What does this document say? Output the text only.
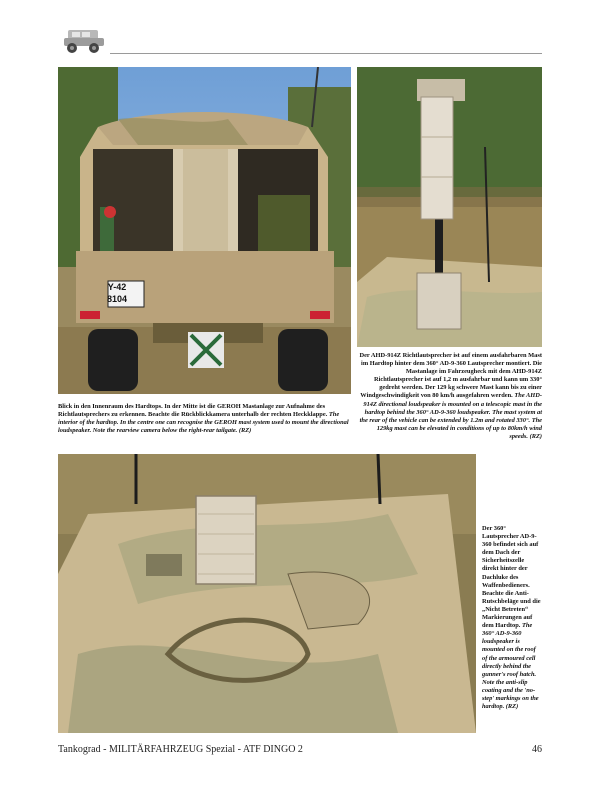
Y-42
8104
Blick in den Innenraum des Hardtops. In der Mitte ist die GEROH Mastanlage zur Aufnahme des Richtlautsprechers zu erkennen. Beachte die Rückblickkamera unterhalb der rechten Heckklappe. The interior of the hardtop. In the centre one can recognise the GEROH mast system used to mount the directional loudspeaker. Note the rearview camera below the right-rear tailgate. (RZ)
Der AHD-914Z Richtlautsprecher ist auf einem ausfahrbaren Mast im Hardtop hinter dem 360° AD-9-360 Lautsprecher montiert. Die Mastanlage im Fahrzeugheck mit dem AHD-914Z Richtlautsprecher ist auf 1,2 m ausfahrbar und kann um 330° gedreht werden. Der 129 kg schwere Mast kann bis zu einer Windgeschwindigkeit von 80 km/h ausgefahren werden. The AHD-914Z directional loudspeaker is mounted on a telescopic mast in the hardtop behind the 360° AD-9-360 loudspeaker. The mast system at the rear of the vehicle can be extended by 1.2m and rotated 330°. The 129kg mast can be elevated in conditions of up to 80km/h wind speeds. (RZ)
Der 360° Lautsprecher AD-9-360 befindet sich auf dem Dach der Sicherheitszelle direkt hinter der Dachluke des Waffenbedieners. Beachte die Anti-Rutschbeläge und die „Nicht Betreten“ Markierungen auf dem Hardtop. The 360° AD-9-360 loudspeaker is mounted on the roof of the armoured cell directly behind the gunner's roof hatch. Note the anti-slip coating and the 'no-step' markings on the hardtop. (RZ)
Tankograd - MILITÄRFAHRZEUG Spezial - ATF DINGO 2	46
